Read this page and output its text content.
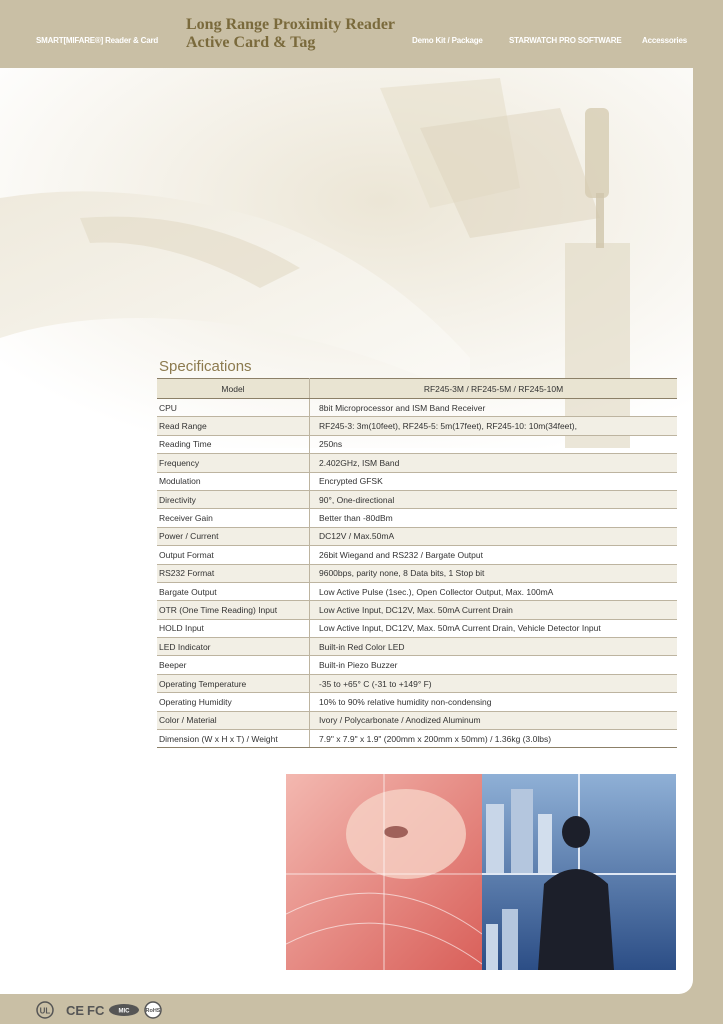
SMART[MIFARE®] Reader & Card
Long Range Proximity Reader
Active Card & Tag	Demo Kit / Package	STARWATCH PRO SOFTWARE	Accessories
Model	RF245-3M / RF245-5M / RF245-10M
CPU	8bit Microprocessor and ISM Band Receiver
Read Range	RF245-3: 3m(10feet), RF245-5: 5m(17feet), RF245-10: 10m(34feet),
Reading Time	250ns
Frequency	2.402GHz, ISM Band
Modulation	Encrypted GFSK
Directivity	90°, One-directional
Receiver Gain	Better than -80dBm
Power / Current	DC12V / Max.50mA
Output Format	26bit Wiegand and RS232 / Bargate Output
RS232 Format	9600bps, parity none, 8 Data bits, 1 Stop bit
Bargate Output	Low Active Pulse (1sec.), Open Collector Output, Max. 100mA
OTR (One Time Reading) Input	Low Active Input, DC12V, Max. 50mA Current Drain
HOLD Input	Low Active Input, DC12V, Max. 50mA Current Drain, Vehicle Detector Input
LED Indicator	Built-in Red Color LED
Beeper	Built-in Piezo Buzzer
Operating Temperature	-35 to +65° C (-31 to +149° F)
Operating Humidity	10% to 90% relative humidity non-condensing
Color / Material	Ivory / Polycarbonate / Anodized Aluminum
Dimension (W x H x T) / Weight	7.9" x 7.9" x 1.9" (200mm x 200mm x 50mm) / 1.36kg (3.0lbs)
Specifications
UL CE FC MIC	RoHS
